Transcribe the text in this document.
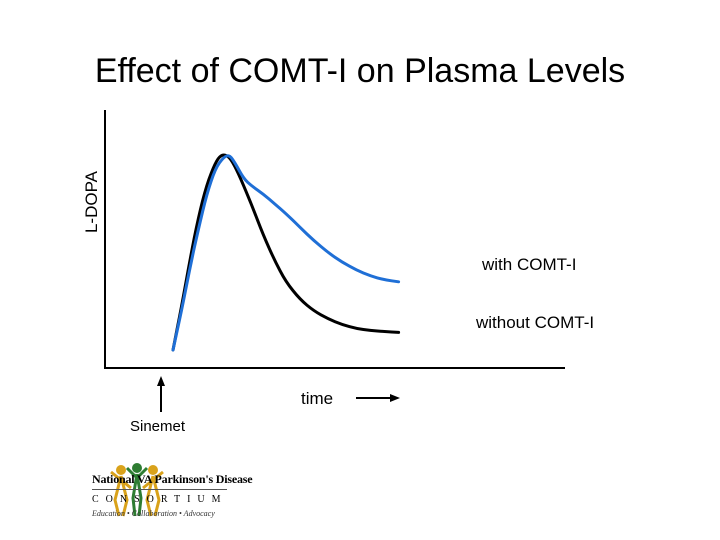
Effect of COMT-I on Plasma Levels
L-DOPA
with COMT-I
without COMT-I
time
Sinemet
National VA Parkinson's Disease
CONSORTIUM
Education • Collaboration • Advocacy
